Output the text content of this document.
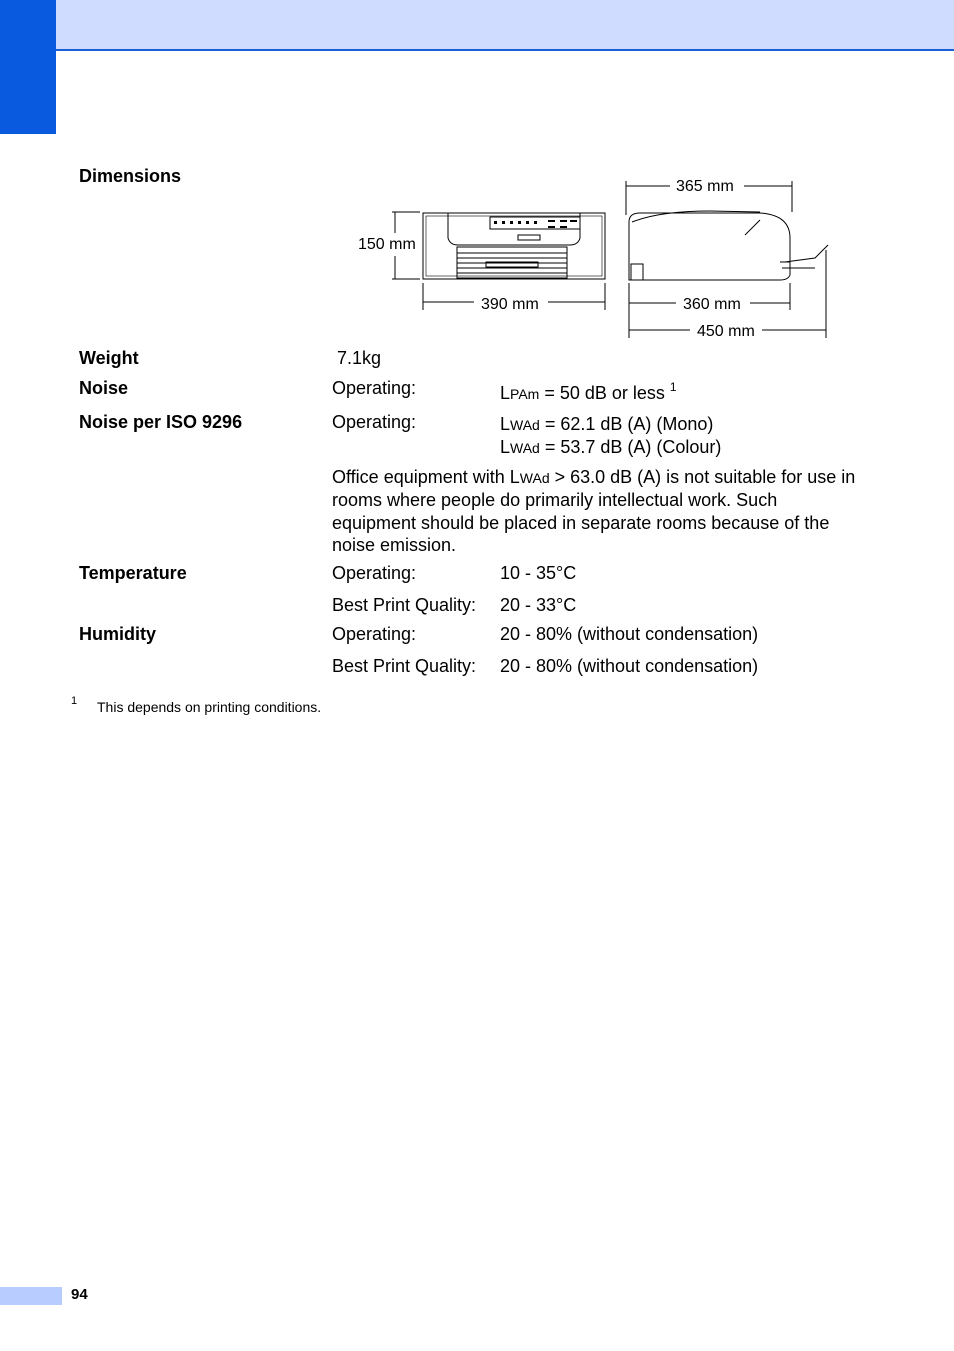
Dimensions
150 mm
390 mm
365 mm
360 mm
450 mm
Weight	7.1kg
Noise	Operating:	LPAm = 50 dB or less $^1$
Noise per ISO 9296	Operating:	LWAd = 62.1 dB (A) (Mono)
LWAd = 53.7 dB (A) (Colour)
Office equipment with LWAd > 63.0 dB (A) is not suitable for use in rooms where people do primarily intellectual work. Such equipment should be placed in separate rooms because of the noise emission.
Temperature	Operating:	10 - 35°C
Best Print Quality: 20 - 33°C
Humidity	Operating:	20 - 80% (without condensation)
Best Print Quality: 20 - 80% (without condensation)
1 This depends on printing conditions.
94
